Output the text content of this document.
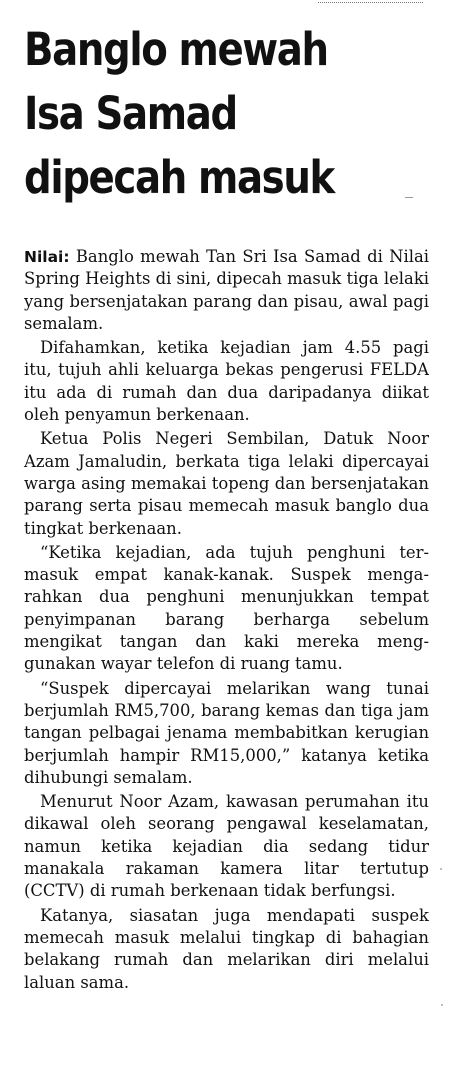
Banglo mewah
Isa Samad
dipecah masuk

Nilai: Banglo mewah Tan Sri Isa Samad di Nilai Spring Heights di sini, dipecah masuk tiga lelaki yang bersenjatakan parang dan pisau, awal pagi semalam.

Difahamkan, ketika kejadian jam 4.55 pagi itu, tujuh ahli keluarga bekas pengerusi FELDA itu ada di rumah dan dua daripadanya diikat oleh penyamun berkenaan.

Ketua Polis Negeri Sembilan, Datuk Noor Azam Jamaludin, berkata tiga lelaki dipercayai warga asing memakai topeng dan bersenjatakan parang serta pisau memecah masuk banglo dua tingkat berkenaan.

“Ketika kejadian, ada tujuh penghuni termasuk empat kanak-kanak. Suspek mengarahkan dua penghuni menunjukkan tempat penyimpanan barang berharga sebelum mengikat tangan dan kaki mereka menggunakan wayar telefon di ruang tamu.

“Suspek dipercayai melarikan wang tunai berjumlah RM5,700, barang kemas dan tiga jam tangan pelbagai jenama membabitkan kerugian berjumlah hampir RM15,000,” katanya ketika dihubungi semalam.

Menurut Noor Azam, kawasan perumahan itu dikawal oleh seorang pengawal keselamatan, namun ketika kejadian dia sedang tidur manakala rakaman kamera litar tertutup (CCTV) di rumah berkenaan tidak berfungsi.

Katanya, siasatan juga mendapati suspek memecah masuk melalui tingkap di bahagian belakang rumah dan melarikan diri melalui laluan sama.
